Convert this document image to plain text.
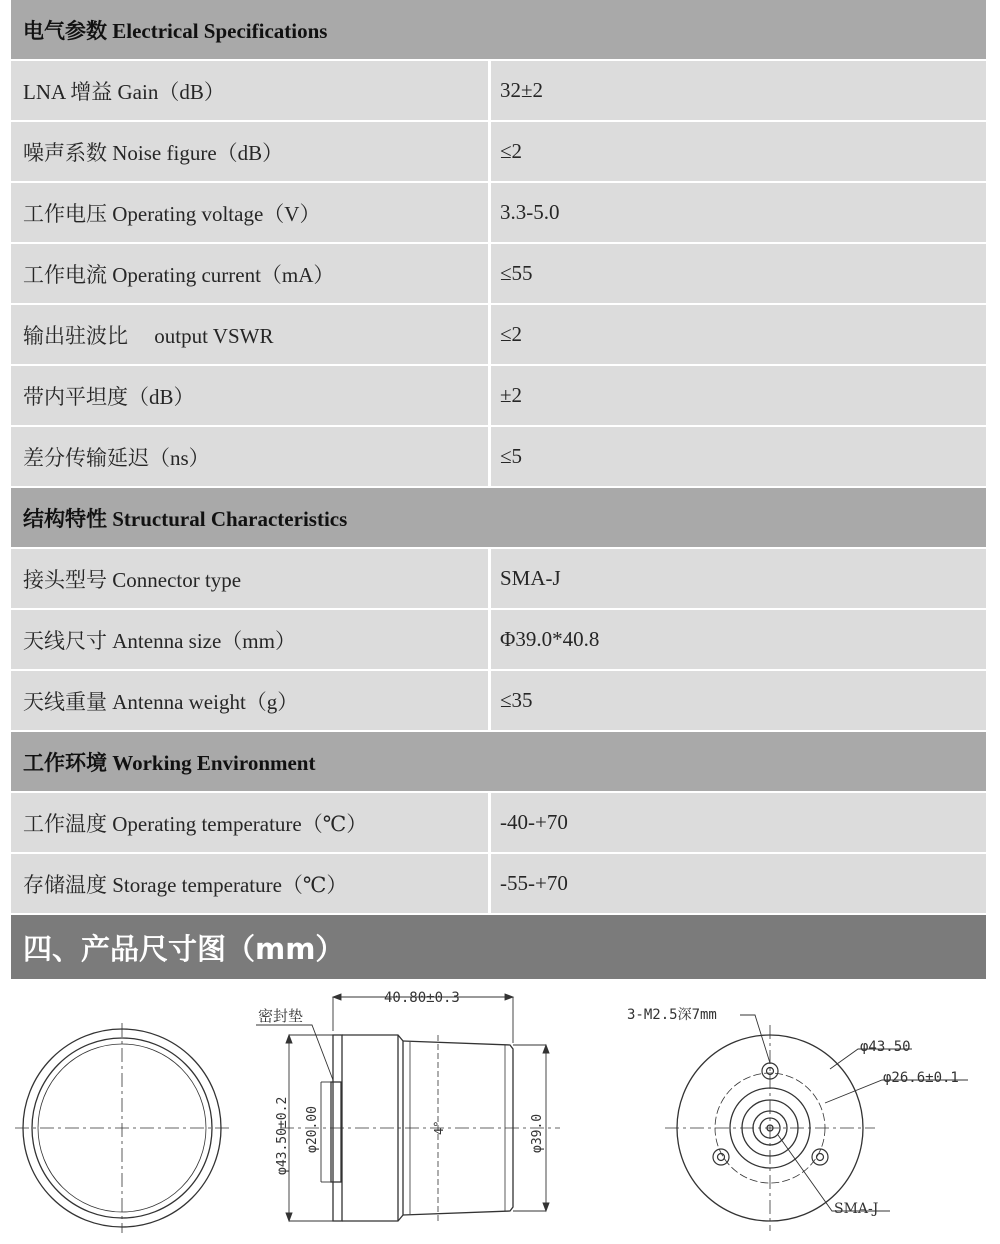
电气参数 Electrical Specifications
LNA 增益 Gain（dB）	32±2
噪声系数 Noise figure（dB）	≤2
工作电压 Operating voltage（V）	3.3-5.0
工作电流 Operating current（mA）	≤55
输出驻波比     output VSWR	≤2
带内平坦度（dB）	±2
差分传输延迟（ns）	≤5
结构特性 Structural Characteristics
接头型号 Connector type	SMA-J
天线尺寸 Antenna size（mm）	Φ39.0*40.8
天线重量 Antenna weight（g）	≤35
工作环境 Working Environment
工作温度 Operating temperature（℃）	-40-+70
存储温度 Storage temperature（℃）	-55-+70
四、产品尺寸图（mm）
40.80±0.3
密封垫
φ43.50±0.2 φ20.00	φ39.0
4°
3-M2.5深7mm
φ43.50
φ26.6±0.1
SMA-J
